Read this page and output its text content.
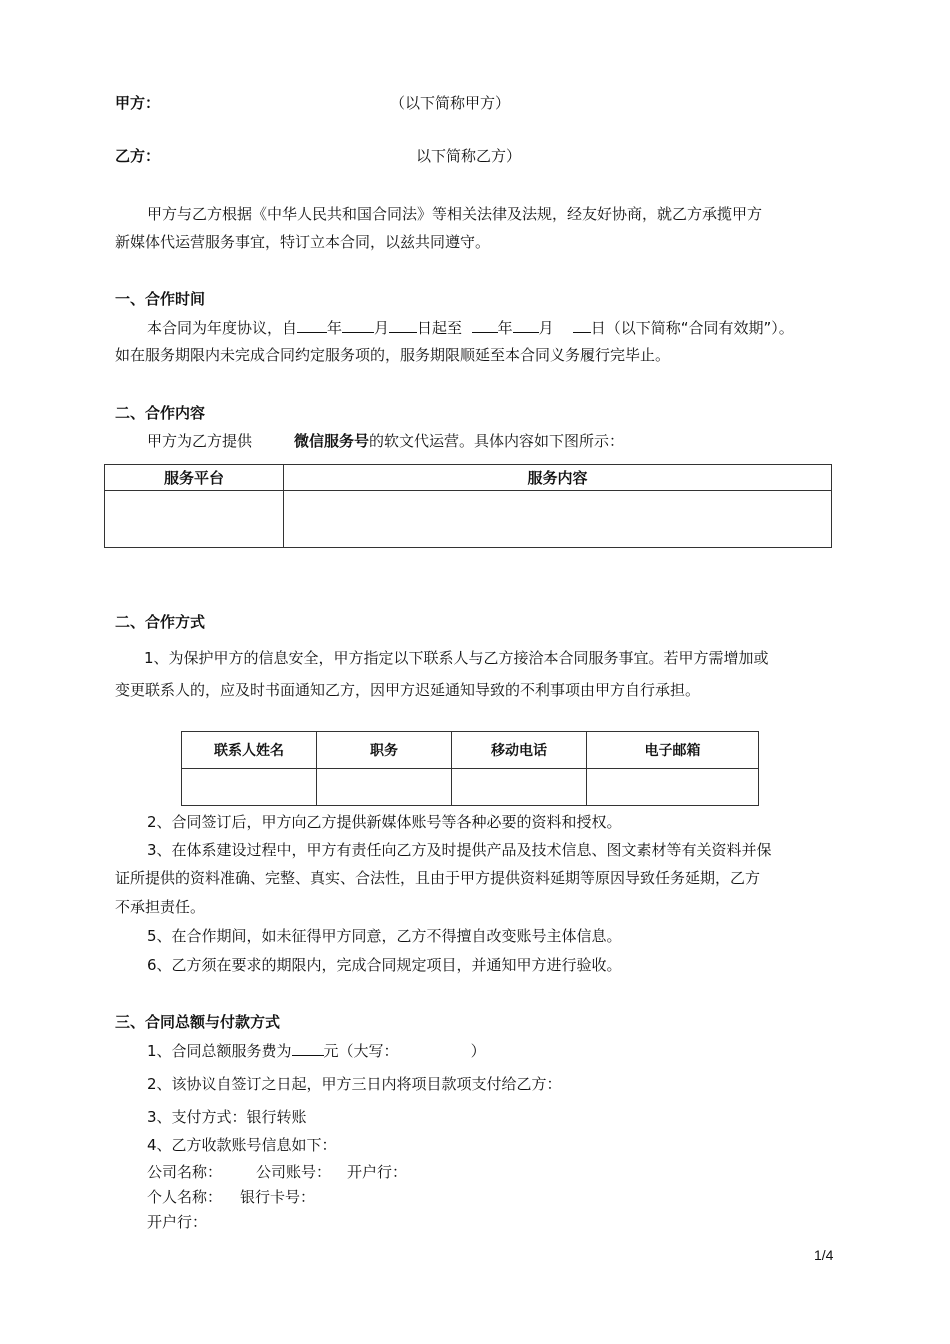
甲方：	（以下简称甲方）
乙方：	以下简称乙方）
甲方与乙方根据《中华人民共和国合同法》等相关法律及法规，经友好协商，就乙方承揽甲方
新媒体代运营服务事宜，特订立本合同，以兹共同遵守。
一、合作时间
本合同为年度协议，自 年 月 日起至 年 月 日（以下简称“合同有效期”）。
如在服务期限内未完成合同约定服务项的，服务期限顺延至本合同义务履行完毕止。
二、合作内容
甲方为乙方提供	微信服务号的软文代运营。具体内容如下图所示：
服务平台	服务内容

二、合作方式
1、为保护甲方的信息安全，甲方指定以下联系人与乙方接洽本合同服务事宜。若甲方需增加或
变更联系人的，应及时书面通知乙方，因甲方迟延通知导致的不利事项由甲方自行承担。
联系人姓名	职务	移动电话	电子邮箱

2、合同签订后，甲方向乙方提供新媒体账号等各种必要的资料和授权。
3、在体系建设过程中，甲方有责任向乙方及时提供产品及技术信息、图文素材等有关资料并保
证所提供的资料准确、完整、真实、合法性，且由于甲方提供资料延期等原因导致任务延期，乙方
不承担责任。
5、在合作期间，如未征得甲方同意，乙方不得擅自改变账号主体信息。
6、乙方须在要求的期限内，完成合同规定项目，并通知甲方进行验收。
三、合同总额与付款方式
1、合同总额服务费为 元（大写：	）
2、该协议自签订之日起，甲方三日内将项目款项支付给乙方：
3、支付方式：银行转账
4、乙方收款账号信息如下：
公司名称： 公司账号： 开户行：
个人名称： 银行卡号：
开户行：
1/4
